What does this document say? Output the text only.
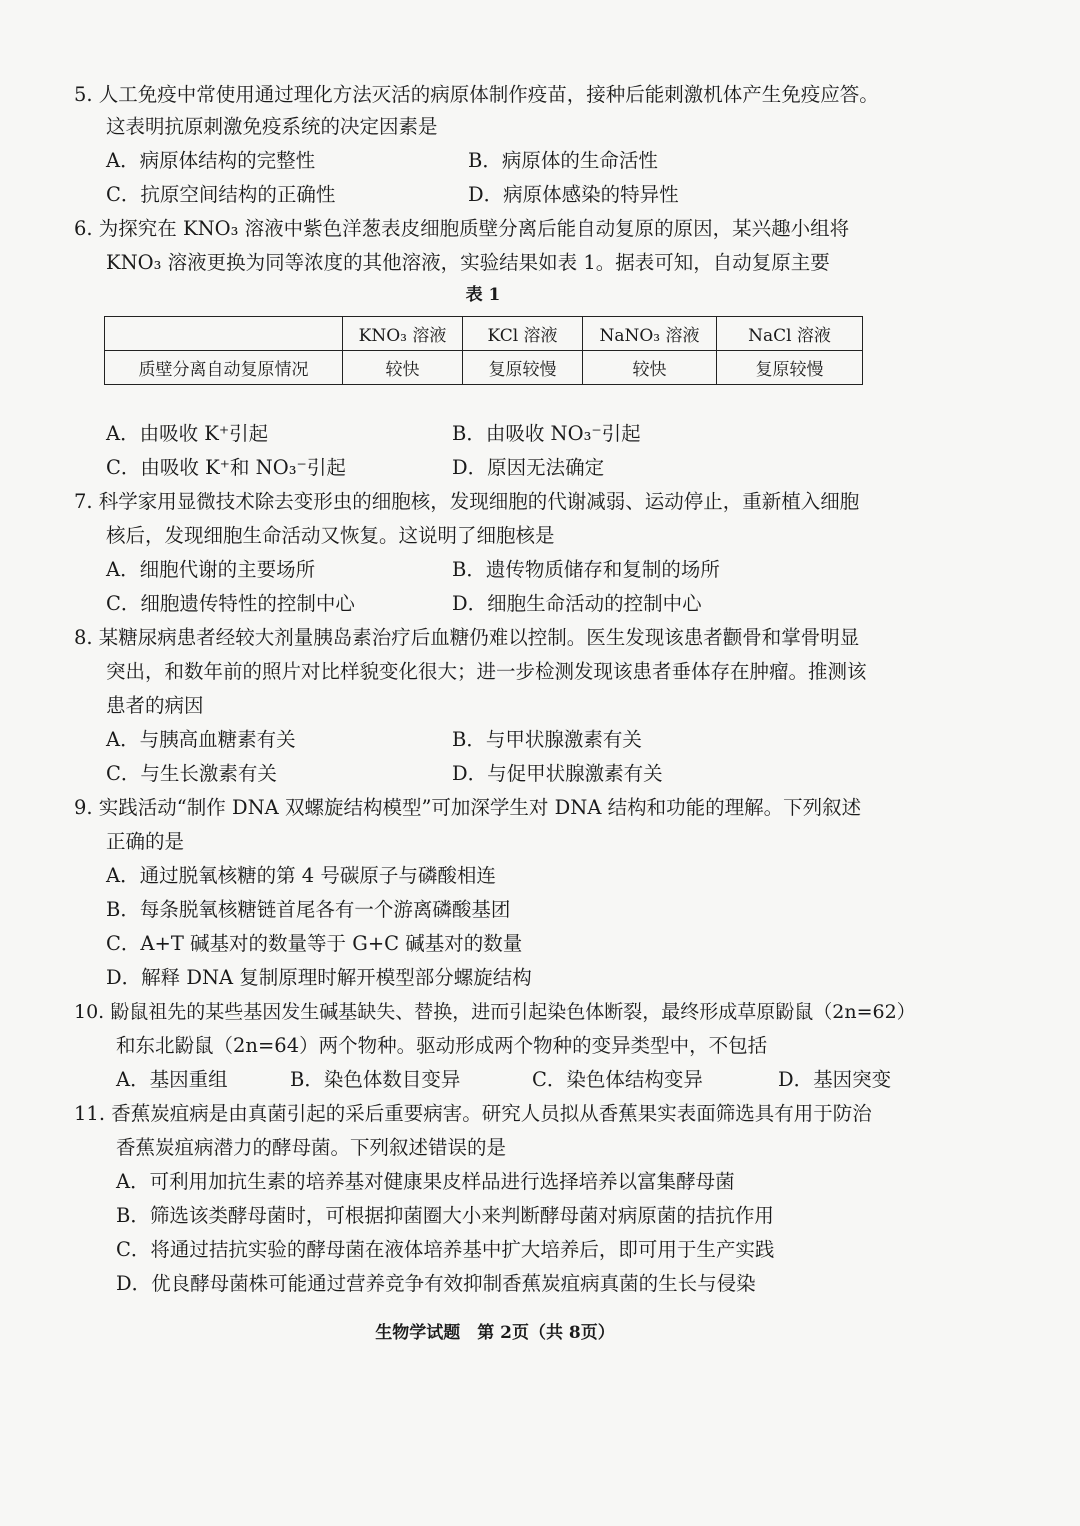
5. 人工免疫中常使用通过理化方法灭活的病原体制作疫苗，接种后能刺激机体产生免疫应答。
这表明抗原刺激免疫系统的决定因素是
A．病原体结构的完整性	B．病原体的生命活性
C．抗原空间结构的正确性	D．病原体感染的特异性
6. 为探究在 KNO₃ 溶液中紫色洋葱表皮细胞质壁分离后能自动复原的原因，某兴趣小组将
KNO₃ 溶液更换为同等浓度的其他溶液，实验结果如表 1。据表可知，自动复原主要
表 1
	KNO₃ 溶液	KCl 溶液	NaNO₃ 溶液	NaCl 溶液
质壁分离自动复原情况	较快	复原较慢	较快	复原较慢
A．由吸收 K⁺引起	B．由吸收 NO₃⁻引起
C．由吸收 K⁺和 NO₃⁻引起	D．原因无法确定
7. 科学家用显微技术除去变形虫的细胞核，发现细胞的代谢减弱、运动停止，重新植入细胞
核后，发现细胞生命活动又恢复。这说明了细胞核是
A．细胞代谢的主要场所	B．遗传物质储存和复制的场所
C．细胞遗传特性的控制中心	D．细胞生命活动的控制中心
8. 某糖尿病患者经较大剂量胰岛素治疗后血糖仍难以控制。医生发现该患者颧骨和掌骨明显
突出，和数年前的照片对比样貌变化很大；进一步检测发现该患者垂体存在肿瘤。推测该
患者的病因
A．与胰高血糖素有关	B．与甲状腺激素有关
C．与生长激素有关	D．与促甲状腺激素有关
9. 实践活动“制作 DNA 双螺旋结构模型”可加深学生对 DNA 结构和功能的理解。下列叙述
正确的是
A．通过脱氧核糖的第 4 号碳原子与磷酸相连
B．每条脱氧核糖链首尾各有一个游离磷酸基团
C．A+T 碱基对的数量等于 G+C 碱基对的数量
D．解释 DNA 复制原理时解开模型部分螺旋结构
10. 鼢鼠祖先的某些基因发生碱基缺失、替换，进而引起染色体断裂，最终形成草原鼢鼠（2n=62）
和东北鼢鼠（2n=64）两个物种。驱动形成两个物种的变异类型中，不包括
A．基因重组	B．染色体数目变异	C．染色体结构变异	D．基因突变
11. 香蕉炭疽病是由真菌引起的采后重要病害。研究人员拟从香蕉果实表面筛选具有用于防治
香蕉炭疽病潜力的酵母菌。下列叙述错误的是
A．可利用加抗生素的培养基对健康果皮样品进行选择培养以富集酵母菌
B．筛选该类酵母菌时，可根据抑菌圈大小来判断酵母菌对病原菌的拮抗作用
C．将通过拮抗实验的酵母菌在液体培养基中扩大培养后，即可用于生产实践
D．优良酵母菌株可能通过营养竞争有效抑制香蕉炭疽病真菌的生长与侵染
生物学试题　第 2页（共 8页）
